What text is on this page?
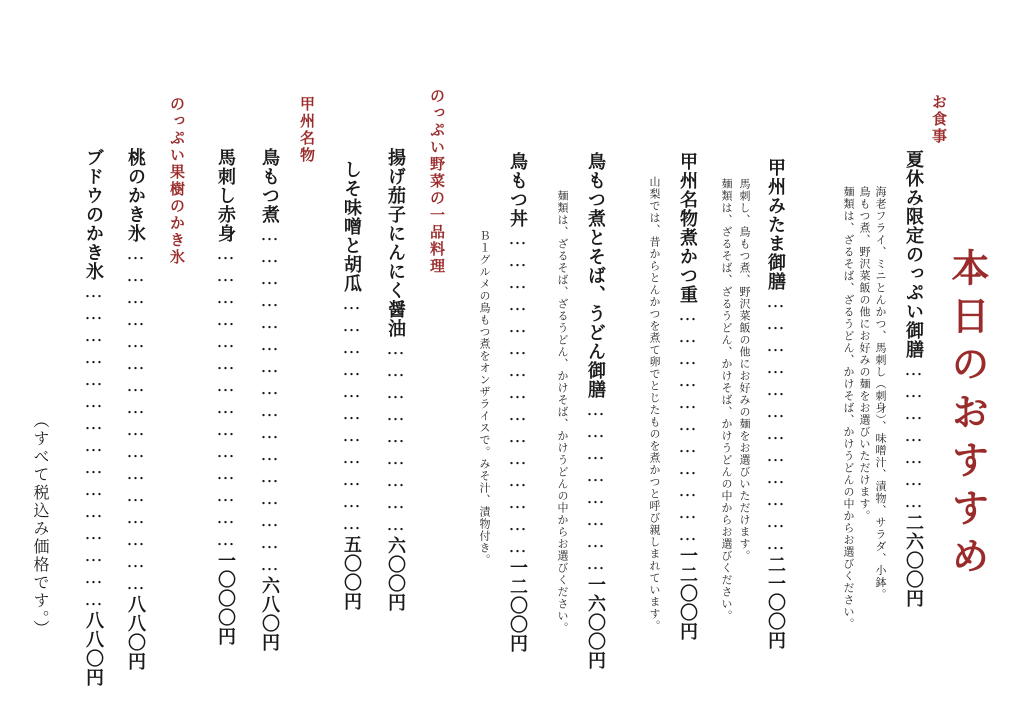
本日のおすすめ
お食事
夏休み限定のっぷい御膳…………………二六〇〇円
海老フライ、ミニとんかつ、馬刺し（刺身）、味噌汁、漬物、サラダ、小鉢。
鳥もつ煮、野沢菜飯の他にお好みの麺をお選びいただけます。
麺類は、ざるそば、ざるうどん、かけそば、かけうどんの中からお選びください。
甲州みたま御膳………………………………二一〇〇円
馬刺し、鳥もつ煮、野沢菜飯の他にお好みの麺をお選びいただけます。
麺類は、ざるそば、ざるうどん、かけそば、かけうどんの中からお選びください。
甲州名物煮かつ重……………………………一二〇〇円
山梨では、昔からとんかつを煮て卵でとじたものを煮かつと呼び親しまれています。
鳥もつ煮とそば、うどん御膳……………………一六〇〇円
麺類は、ざるそば、ざるうどん、かけそば、かけうどんの中からお選びください。
鳥もつ丼………………………………………一二〇〇円
Ｂ１グルメの鳥もつ煮をオンザライスで。みそ汁、漬物付き。
のっぷい野菜の一品料理
揚げ茄子にんにく醤油………………………六〇〇円
しそ味噌と胡瓜……………………………五〇〇円
甲州名物
鳥もつ煮…………………………………………六八〇円
馬刺し赤身……………………………………一〇〇〇円
のっぷい果樹のかき氷
桃のかき氷…………………………………………八八〇円
ブドウのかき氷………………………………………八八〇円
（すべて税込み価格です。）
